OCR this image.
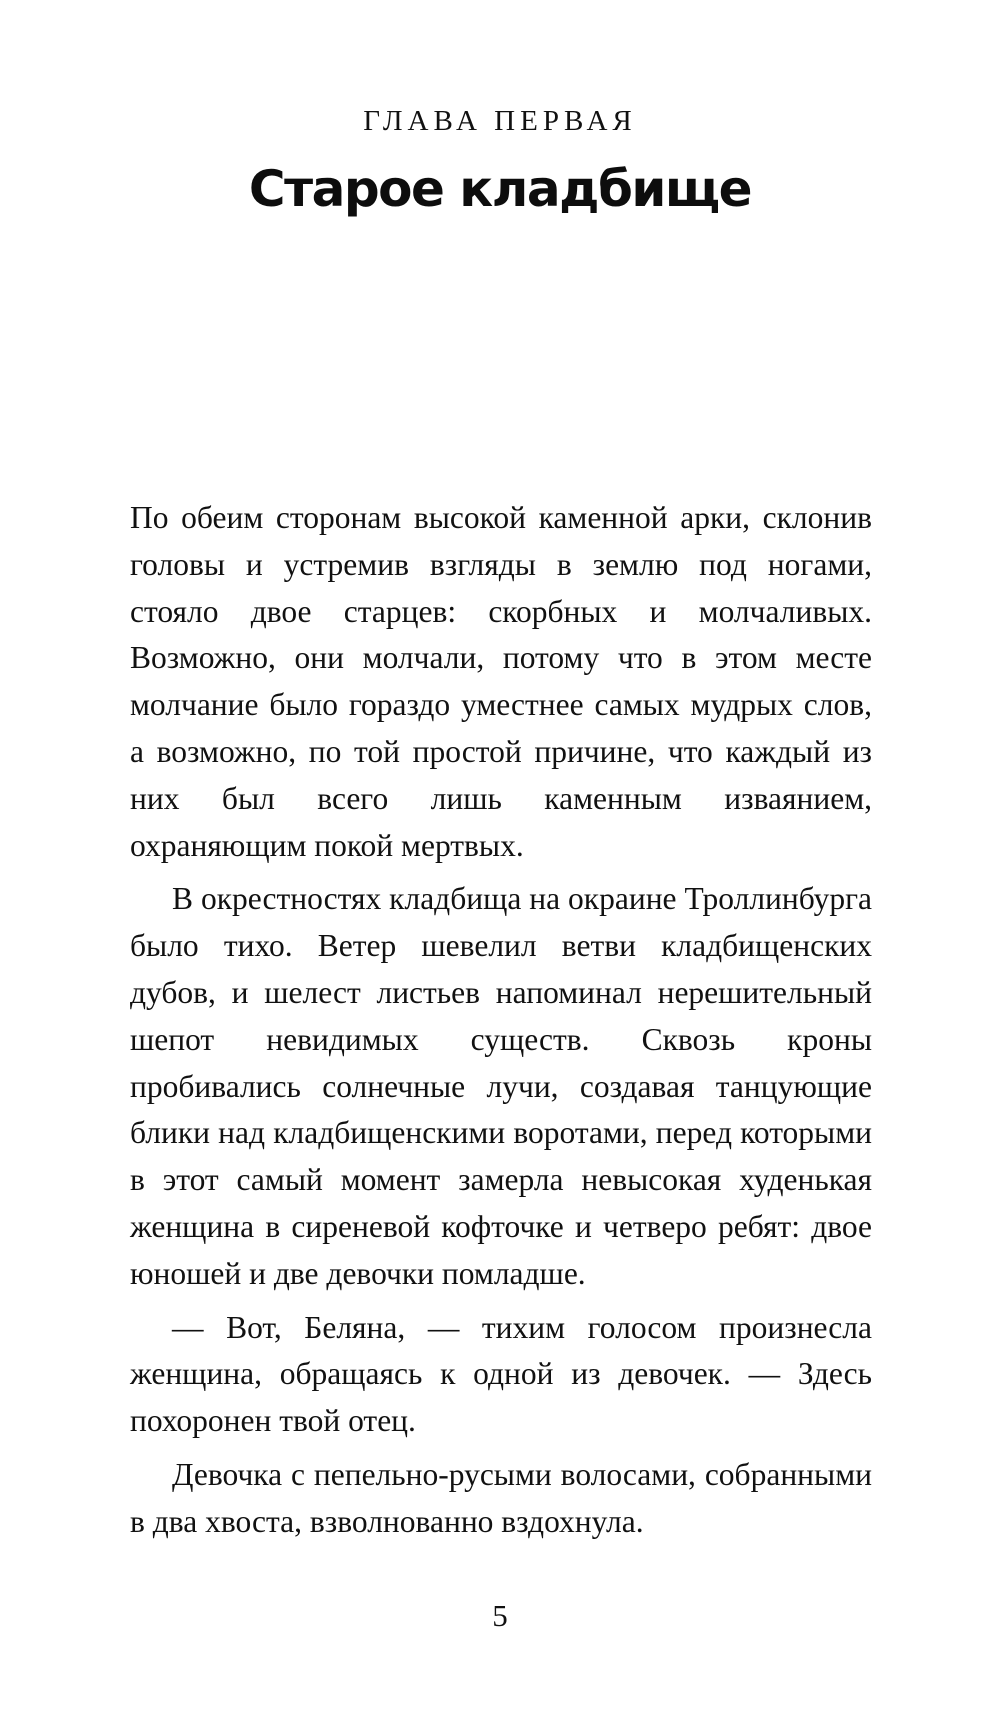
ГЛАВА ПЕРВАЯ
Старое кладбище

По обеим сторонам высокой каменной арки, склонив головы и устремив взгляды в землю под ногами, стояло двое старцев: скорбных и молчаливых. Возможно, они молчали, потому что в этом месте молчание было гораздо уместнее самых мудрых слов, а возможно, по той простой причине, что каждый из них был всего лишь каменным изваянием, охраняющим покой мертвых.

В окрестностях кладбища на окраине Троллинбурга было тихо. Ветер шевелил ветви кладбищенских дубов, и шелест листьев напоминал нерешительный шепот невидимых существ. Сквозь кроны пробивались солнечные лучи, создавая танцующие блики над кладбищенскими воротами, перед которыми в этот самый момент замерла невысокая худенькая женщина в сиреневой кофточке и четверо ребят: двое юношей и две девочки помладше.

— Вот, Беляна, — тихим голосом произнесла женщина, обращаясь к одной из девочек. — Здесь похоронен твой отец.

Девочка с пепельно-русыми волосами, собранными в два хвоста, взволнованно вздохнула.

5
